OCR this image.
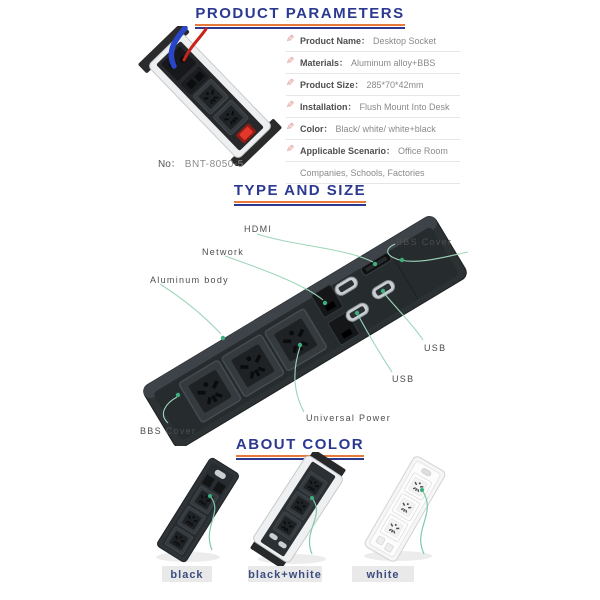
PRODUCT PARAMETERS
✎ Product Name： Desktop Socket
✎ Materials： Aluminum alloy+BBS
✎ Product Size： 285*70*42mm
✎ Installation： Flush Mount Into Desk
✎ Color： Black/ white/ white+black
✎ Applicable Scenario： Office Room
Companies, Schools, Factories
No： BNT-8050-5
TYPE AND SIZE
HDMI
Network
Aluminum body
BBS Cover
USB
USB
Universal Power
BBS Cover
ABOUT COLOR
black	black+white	white
